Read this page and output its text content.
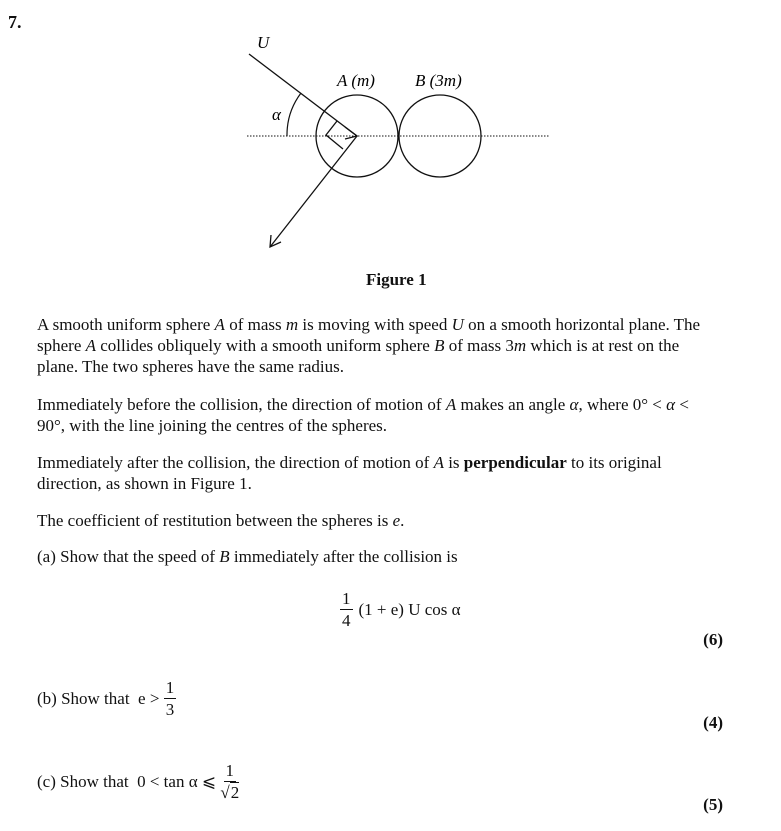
7.
U
α
A (m) B (3m)
Figure 1

A smooth uniform sphere A of mass m is moving with speed U on a smooth horizontal plane. The sphere A collides obliquely with a smooth uniform sphere B of mass 3m which is at rest on the plane. The two spheres have the same radius.

Immediately before the collision, the direction of motion of A makes an angle α, where 0° < α < 90°, with the line joining the centres of the spheres.

Immediately after the collision, the direction of motion of A is perpendicular to its original direction, as shown in Figure 1.

The coefficient of restitution between the spheres is e.

(a) Show that the speed of B immediately after the collision is
$\frac{1}{4} (1 + e)$ U cos α
(6)
(b) Show that  $e > \frac{1}{3}$
(4)
(c) Show that  0 < tan α ⩽ $\frac{1}{√2}$
(5)
